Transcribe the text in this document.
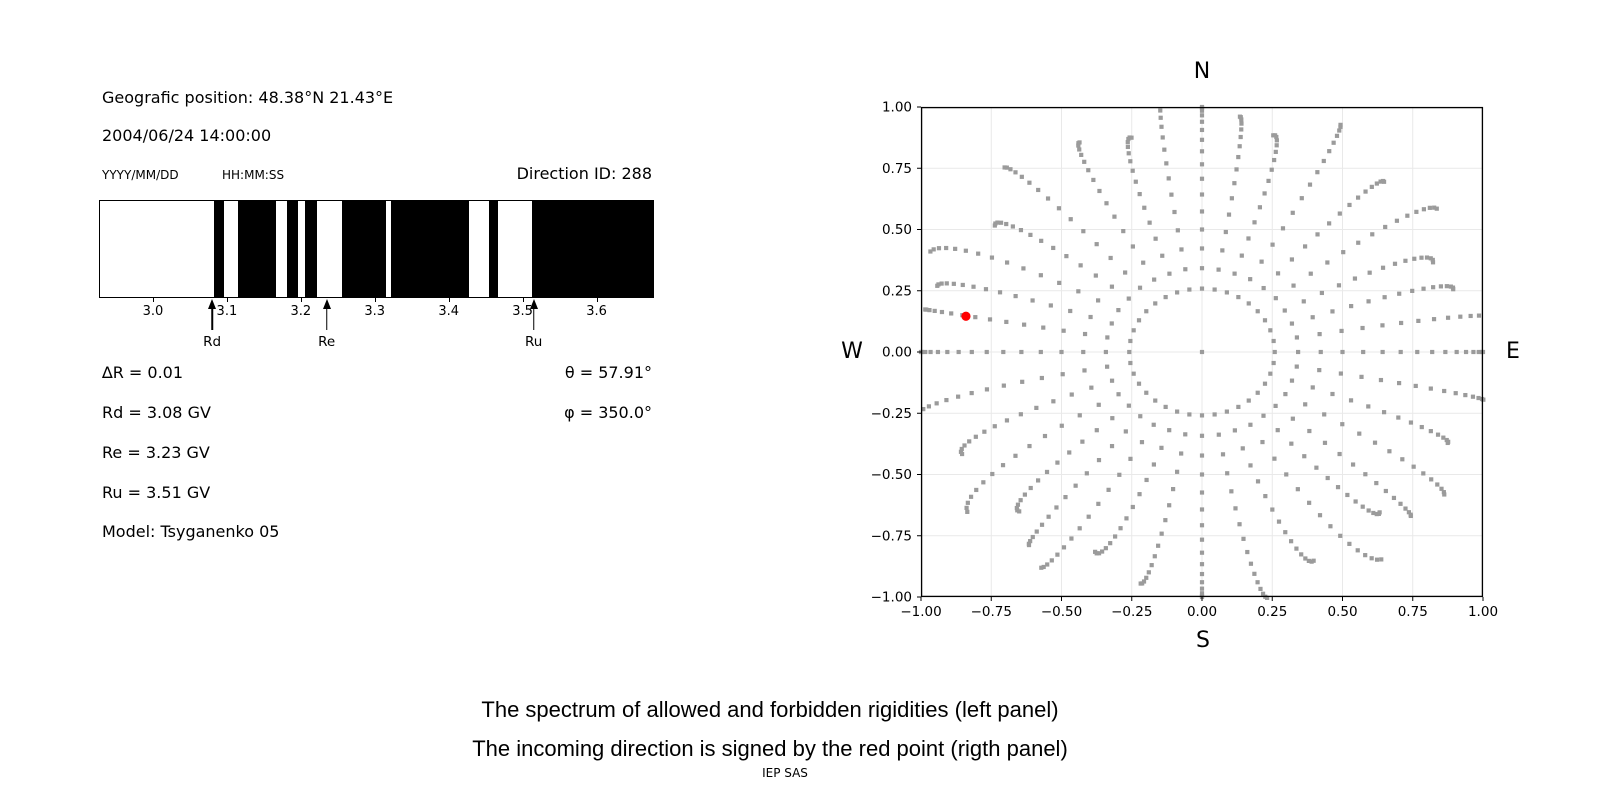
Geografic position: 48.38°N 21.43°E
2004/06/24 14:00:00
YYYY/MM/DD	HH:MM:SS	Direction ID: 288
3.0	3.1	3.2	3.3	3.4	3.5	3.6
Rd	Re	Ru
∆R = 0.01
Rd = 3.08 GV
Re = 3.23 GV
Ru = 3.51 GV
Model: Tsyganenko 05
θ = 57.91°
φ = 350.0°
N
S
W	E
−1.00
−1.00
−0.75
−0.75
−0.50
−0.50
−0.25
−0.25
0.00
0.00
0.25
0.25
0.50
0.50
0.75
0.75
1.00
1.00
The spectrum of allowed and forbidden rigidities (left panel)
The incoming direction is signed by the red point (rigth panel)
IEP SAS
